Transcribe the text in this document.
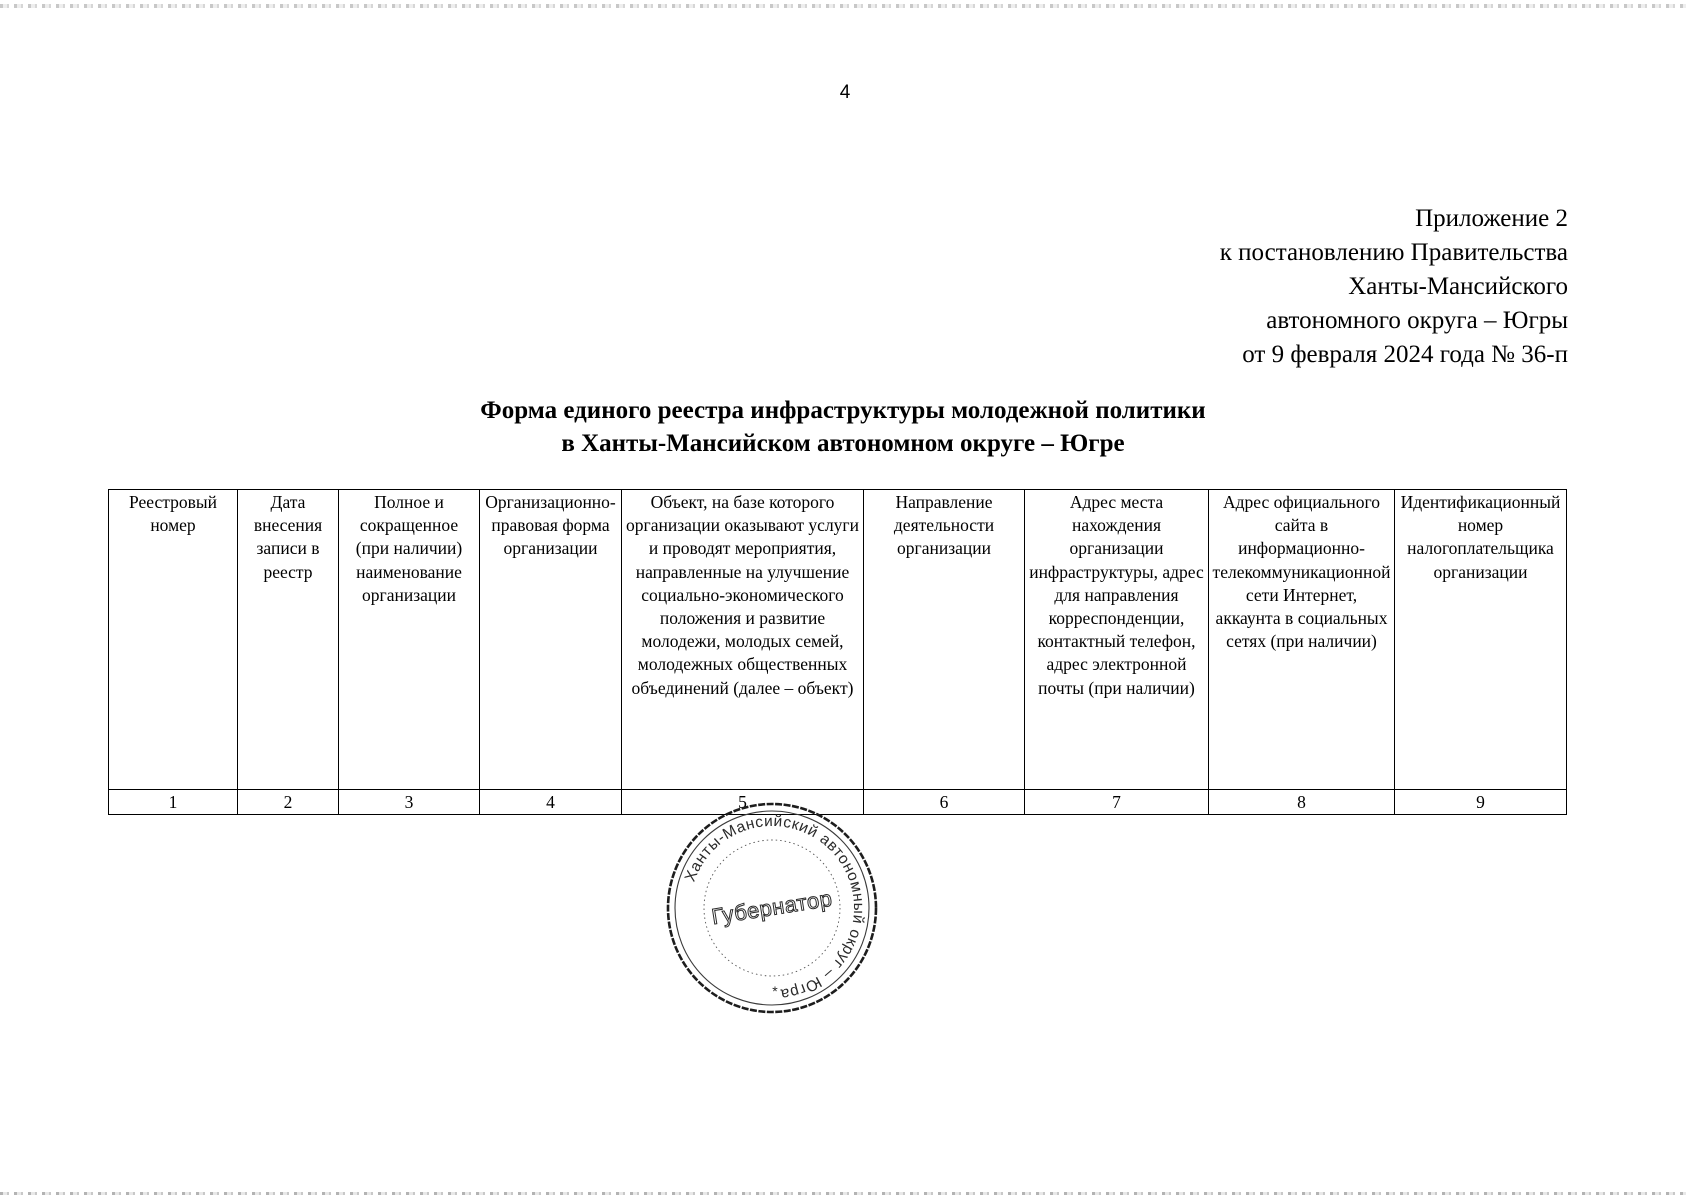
4
Приложение 2
к постановлению Правительства
Ханты-Мансийского
автономного округа – Югры
от 9 февраля 2024 года № 36-п
Форма единого реестра инфраструктуры молодежной политики
в Ханты-Мансийском автономном округе – Югре
Реестровый номер	Дата внесения записи в реестр	Полное и сокращенное (при наличии) наименование организации	Организационно-правовая форма организации	Объект, на базе которого организации оказывают услуги и проводят мероприятия, направленные на улучшение социально-экономического положения и развитие молодежи, молодых семей, молодежных общественных объединений (далее – объект)	Направление деятельности организации	Адрес места нахождения организации инфраструктуры, адрес для направления корреспонденции, контактный телефон, адрес электронной почты (при наличии)	Адрес официального сайта в информационно-телекоммуникационной сети Интернет, аккаунта в социальных сетях (при наличии)	Идентификационный номер налогоплательщика организации
1	2	3	4	5	6	7	8	9
Ханты-Мансийский автономный округ – Югра
Губернатор
*
